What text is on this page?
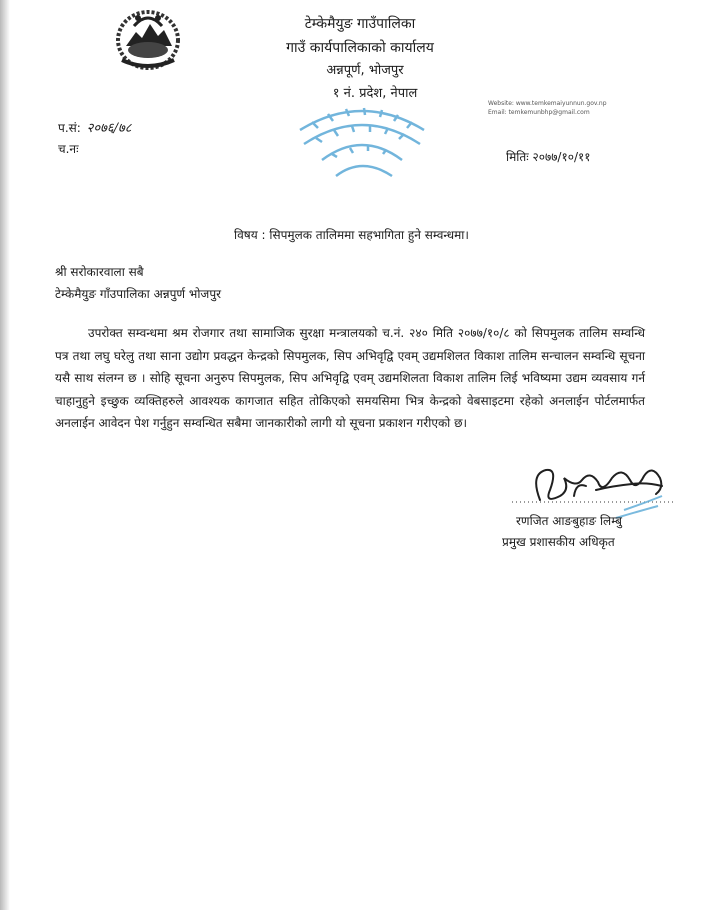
टेम्केमैयुङ गाउँपालिका
गाउँ कार्यपालिकाको कार्यालय
अन्नपूर्ण, भोजपुर
१ नं. प्रदेश, नेपाल
Website: www.temkemaiyunnun.gov.np
Email: temkemunbhp@gmail.com
प.सं: २०७६/७८
च.नः
मितिः २०७७/१०/११
विषय : सिपमुलक तालिममा सहभागिता हुने सम्वन्धमा।
श्री सरोकारवाला सबै
टेम्केमैयुङ गाँउपालिका अन्नपुर्ण भोजपुर
उपरोक्त सम्वन्धमा श्रम रोजगार तथा सामाजिक सुरक्षा मन्त्रालयको च.नं. २४० मिति २०७७/१०/८ को सिपमुलक तालिम सम्वन्धि पत्र तथा लघु घरेलु तथा साना उद्योग प्रवद्धन केन्द्रको सिपमुलक, सिप अभिवृद्वि एवम् उद्यमशिलत विकाश तालिम सन्चालन सम्वन्धि सूचना यसै साथ संलग्न छ । सोहि सूचना अनुरुप सिपमुलक, सिप अभिवृद्वि एवम् उद्यमशिलता विकाश तालिम लिई भविष्यमा उद्यम व्यवसाय गर्न चाहानुहुने इच्छुक व्यक्तिहरुले आवश्यक कागजात सहित तोकिएको समयसिमा भित्र केन्द्रको वेबसाइटमा रहेको अनलाईन पोर्टलमार्फत अनलाईन आवेदन पेश गर्नुहुन सम्वन्धित सबैमा जानकारीको लागी यो सूचना प्रकाशन गरीएको छ।
रणजित आङबुहाङ लिम्बु
प्रमुख प्रशासकीय अधिकृत
